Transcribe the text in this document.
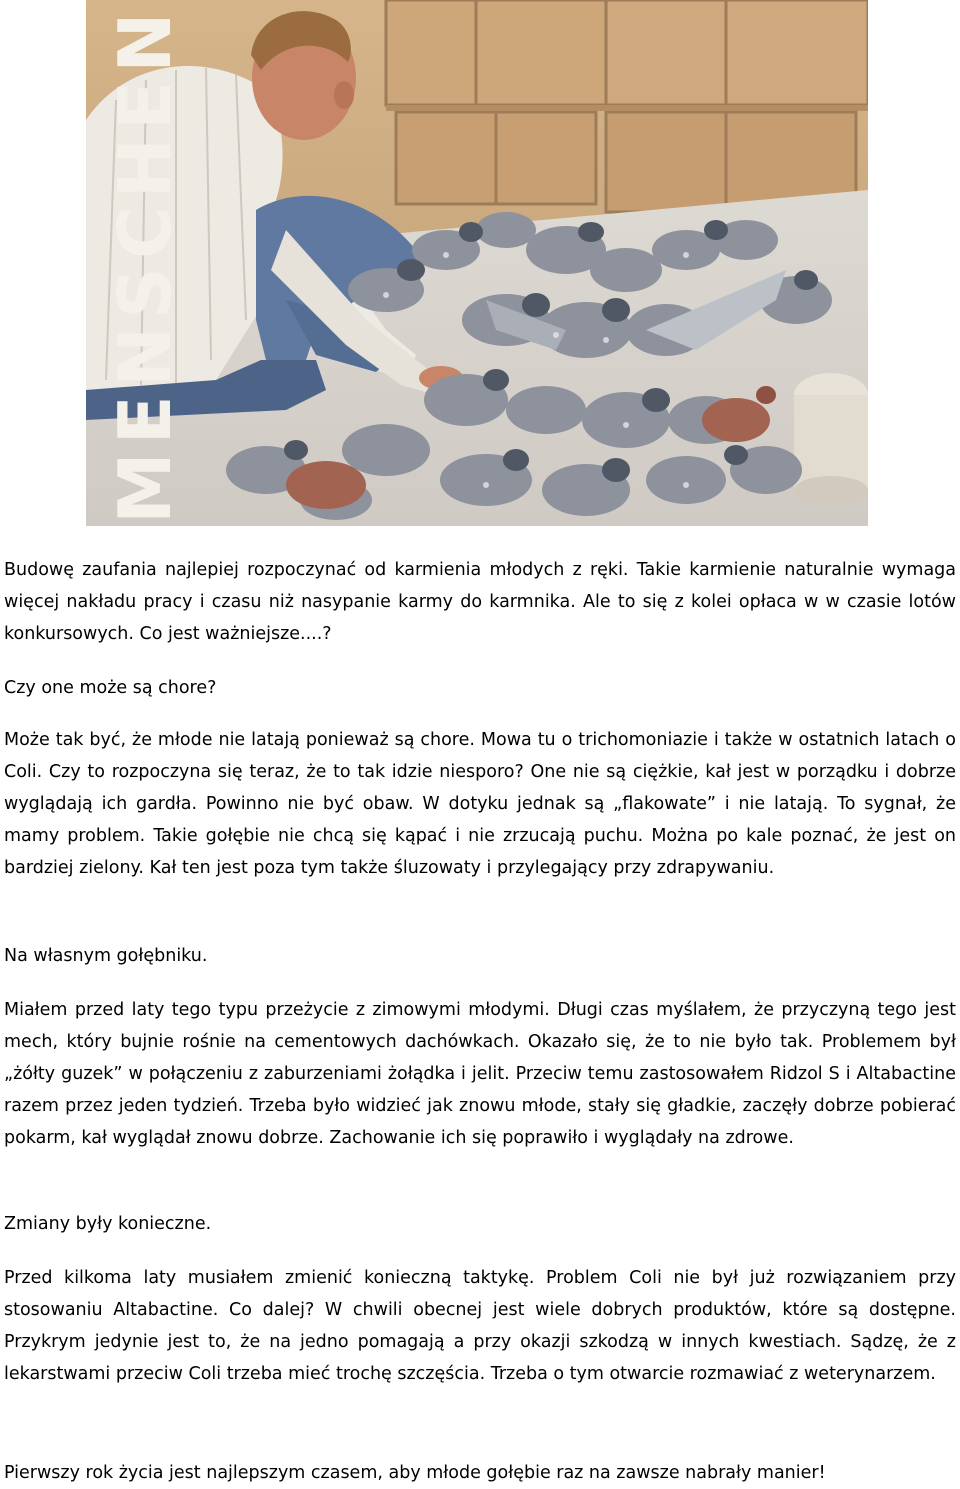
MENSCHEN

Budowę zaufania najlepiej rozpoczynać od karmienia młodych z ręki. Takie karmienie naturalnie wymaga więcej nakładu pracy i czasu niż nasypanie karmy do karmnika. Ale to się z kolei opłaca w w czasie lotów konkursowych. Co jest ważniejsze....?

Czy one może są chore?

Może tak być, że młode nie latają ponieważ są chore. Mowa tu o trichomoniazie i także w ostatnich latach o Coli. Czy to rozpoczyna się teraz, że to tak idzie niesporo? One nie są ciężkie, kał jest w porządku i dobrze wyglądają ich gardła. Powinno nie być obaw. W dotyku jednak są „flakowate” i nie latają. To sygnał, że mamy problem. Takie gołębie nie chcą się kąpać i nie zrzucają puchu. Można po kale poznać, że jest on bardziej zielony. Kał ten jest poza tym także śluzowaty i przylegający przy zdrapywaniu.

Na własnym gołębniku.

Miałem przed laty tego typu przeżycie z zimowymi młodymi. Długi czas myślałem, że przyczyną tego jest mech, który bujnie rośnie na cementowych dachówkach. Okazało się, że to nie było tak. Problemem był „żółty guzek” w połączeniu z zaburzeniami żołądka i jelit. Przeciw temu zastosowałem Ridzol S i Altabactine razem przez jeden tydzień. Trzeba było widzieć jak znowu młode, stały się gładkie, zaczęły dobrze pobierać pokarm, kał wyglądał znowu dobrze. Zachowanie ich się poprawiło i wyglądały na zdrowe.

Zmiany były konieczne.

Przed kilkoma laty musiałem zmienić konieczną taktykę. Problem Coli nie był już rozwiązaniem przy stosowaniu Altabactine. Co dalej? W chwili obecnej jest wiele dobrych produktów, które są dostępne. Przykrym jedynie jest to, że na jedno pomagają a przy okazji szkodzą w innych kwestiach. Sądzę, że z lekarstwami przeciw Coli trzeba mieć trochę szczęścia. Trzeba o tym otwarcie rozmawiać z weterynarzem.

Pierwszy rok życia jest najlepszym czasem, aby młode gołębie raz na zawsze nabrały manier!
